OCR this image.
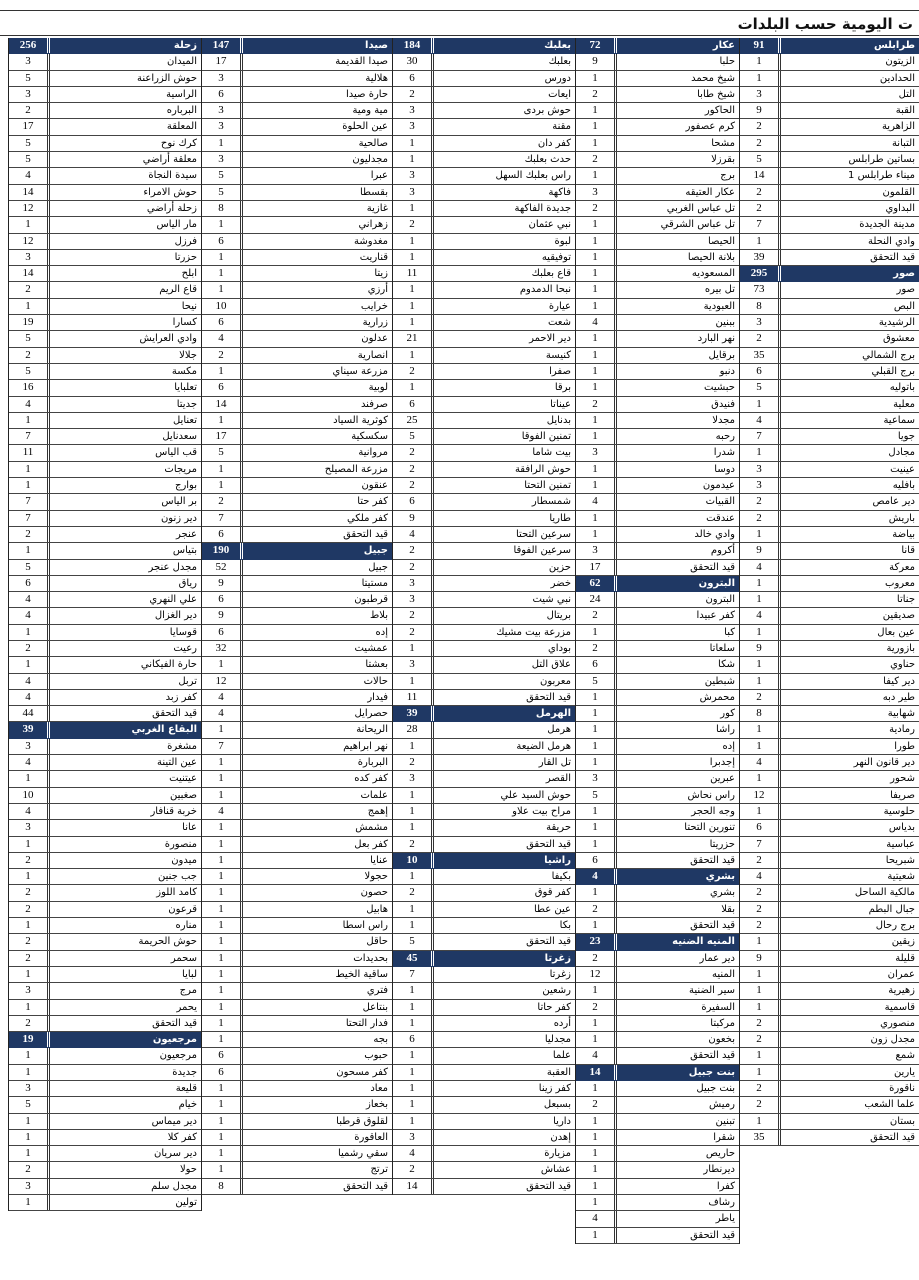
ت اليومية حسب البلدات
91	طرابلس
1	الزيتون
1	الحدادين
3	التل
9	القبة
2	الزاهرية
2	التبانة
5	بساتين طرابلس
14	ميناء طرابلس 1
2	القلمون
2	البداوي
7	مدينة الجديدة
1	وادي النحلة
39	قيد التحقق
295	صور
73	صور
8	البص
3	الرشيدية
2	معشوق
35	برج الشمالي
6	برج القبلي
5	باتوليه
1	معلية
4	سماعية
7	جويا
1	مجادل
3	عينيت
3	بافليه
2	دير عامص
2	باريش
1	بياضة
9	قانا
4	معركة
1	معروب
1	جناتا
4	صديقين
1	عين بعال
9	بازورية
1	حناوي
1	دير كيفا
2	طير دبه
8	شهابية
1	رمادية
1	طورا
4	دير قانون النهر
1	شحور
12	صريفا
1	حلوسية
6	بدياس
7	عباسية
2	شبريحا
4	شعيتية
2	مالكية الساحل
2	جبال البطم
2	برج رحال
1	زيقين
9	قليلة
1	عمران
1	زهيرية
1	قاسمية
2	منصوري
2	مجدل زون
1	شمع
1	يارين
2	ناقورة
2	علما الشعب
1	بستان
35	قيد التحقق
72	عكار
9	حلبا
1	شيخ محمد
2	شيخ طابا
1	الحاكور
1	كرم عصفور
1	مشحا
2	بقرزلا
1	برج
3	عكار العتيقه
2	تل عباس الغربي
1	تل عباس الشرقي
1	الحيصا
1	بلانة الحيصا
1	المسعوديه
1	تل بيره
1	العبودية
4	ببنين
1	نهر البارد
1	برقايل
1	دنبو
1	حبشيت
2	فنيدق
1	مجدلا
1	رحبه
3	شدرا
1	دوسا
1	عيدمون
4	القبيات
1	عندقت
1	وادي خالد
3	أكروم
17	قيد التحقق
62	البترون
24	البترون
2	كفر عبيدا
1	كبا
2	سلعاتا
6	شكا
5	شبطين
1	محمرش
1	كور
1	راشا
1	إده
1	إجدبرا
3	عبرين
5	راس نحاش
1	وجه الحجر
1	تنورين التحتا
1	حزريتا
6	قيد التحقق
4	بشري
1	بشري
2	بقلا
1	قيد التحقق
23	المنيه الضنيه
2	دير عمار
12	المنيه
1	سير الضنية
2	السفيرة
1	مركبتا
1	بخعون
4	قيد التحقق
14	بنت جبيل
1	بنت جبيل
2	رميش
1	تبنين
1	شقرا
1	حاريص
1	ديرنطار
1	كفرا
1	رشاف
4	ياطر
1	قيد التحقق
184	بعلبك
30	بعلبك
6	دورس
2	ايعات
3	حوش بردى
3	مقنة
1	كفر دان
1	حدث بعلبك
3	راس بعلبك السهل
3	فاكهة
1	جديدة الفاكهة
2	نبي عثمان
1	لبوة
1	توفيقيه
11	قاع بعلبك
1	نبحا الدمدوم
1	عيارة
1	شعت
21	دير الاحمر
1	كنيسة
2	صفرا
1	برقا
6	عيناتا
25	بدنايل
5	تمنين الفوقا
2	بيت شاما
2	حوش الرافقة
2	تمنين التحتا
6	شمسطار
9	طاريا
4	سرعين التحتا
2	سرعين الفوقا
2	حزين
3	خضر
3	نبي شيت
2	بريتال
2	مزرعة بيت مشيك
1	بوداي
3	علاق التل
1	معربون
11	قيد التحقق
39	الهرمل
28	هرمل
1	هرمل الضيعة
2	تل القار
3	القصر
1	حوش السيد علي
1	مراح بيت علاو
1	حريقة
2	قيد التحقق
10	راشيا
1	بكيفا
2	كفر قوق
1	عين عطا
1	بكا
5	قيد التحقق
45	زغرتا
7	زغرتا
1	رشعين
1	كفر حاتا
1	أرده
6	مجدليا
1	علما
1	العقبة
1	كفر زينا
1	بسبعل
1	داريا
3	إهدن
4	مزيارة
2	عشاش
14	قيد التحقق
147	صيدا
17	صيدا القديمة
3	هلالية
6	حارة صيدا
3	مية ومية
3	عين الحلوة
1	صالحية
3	مجدليون
5	عبرا
5	بقسطا
8	غازية
1	زهراني
6	مغدوشة
1	قناريت
1	زيتا
1	أرزي
10	خرايب
6	زرارية
4	عدلون
2	انصارية
1	مزرعة سيناي
6	لوبية
14	صرفند
1	كوثرية السياد
17	سكسكية
5	مروانية
1	مزرعة المصيلح
1	عنقون
2	كفر حتا
7	كفر ملكي
6	قيد التحقق
190	جبيل
52	جبيل
9	مستيتا
6	قرطبون
9	بلاط
6	إده
32	عمشيت
1	بعشتا
12	حالات
4	فيدار
4	حصرايل
1	الريحانة
7	نهر ابراهيم
1	البربارة
1	كفر كده
1	علمات
4	إهمج
1	مشمش
1	كفر بعل
1	عنايا
1	حجولا
1	حصون
1	هابيل
1	راس اسطا
1	حاقل
1	بحديدات
1	ساقية الخيط
1	فتري
1	بنتاعل
1	فدار التحتا
1	بجه
6	حبوب
6	كفر مسحون
1	معاد
1	بخعاز
1	لقلوق قرطبا
1	العاقورة
1	سقي رشميا
1	ترتج
8	قيد التحقق
256	زحلة
3	الميدان
5	حوش الزراعنة
3	الراسية
2	البرباره
17	المعلقة
5	كرك نوح
5	معلقة أراضي
4	سيدة النجاة
14	حوش الامراء
12	زحلة أراضي
1	مار الياس
12	فرزل
3	حزرتا
14	ابلح
2	قاع الريم
1	نيحا
19	كسارا
5	وادي العرايش
2	جلالا
5	مكسة
16	تعلبايا
4	جديتا
1	تعنايل
7	سعدنايل
11	قب الياس
1	مريجات
1	بوارج
7	بر الياس
7	دير زنون
2	عنجر
1	بتياس
5	مجدل عنجر
6	رياق
4	علي النهري
4	دير الغزال
1	قوسايا
2	رعيت
1	حارة الفيكاني
4	تربل
4	كفر زبد
44	قيد التحقق
39	البقاع الغربي
3	مشغرة
4	عين التينة
1	عيتنيت
10	صغبين
4	خربة قنافار
3	عانا
1	منصورة
2	ميدون
1	جب جنين
2	كامد اللوز
2	قرعون
1	مناره
2	حوش الحريمة
2	سحمر
1	لبايا
3	مرج
1	يحمر
2	قيد التحقق
19	مرجعيون
1	مرجعيون
1	جديدة
3	قليعة
5	خيام
1	دير ميماس
1	كفر كلا
1	دير سريان
2	حولا
3	مجدل سلم
1	تولين
